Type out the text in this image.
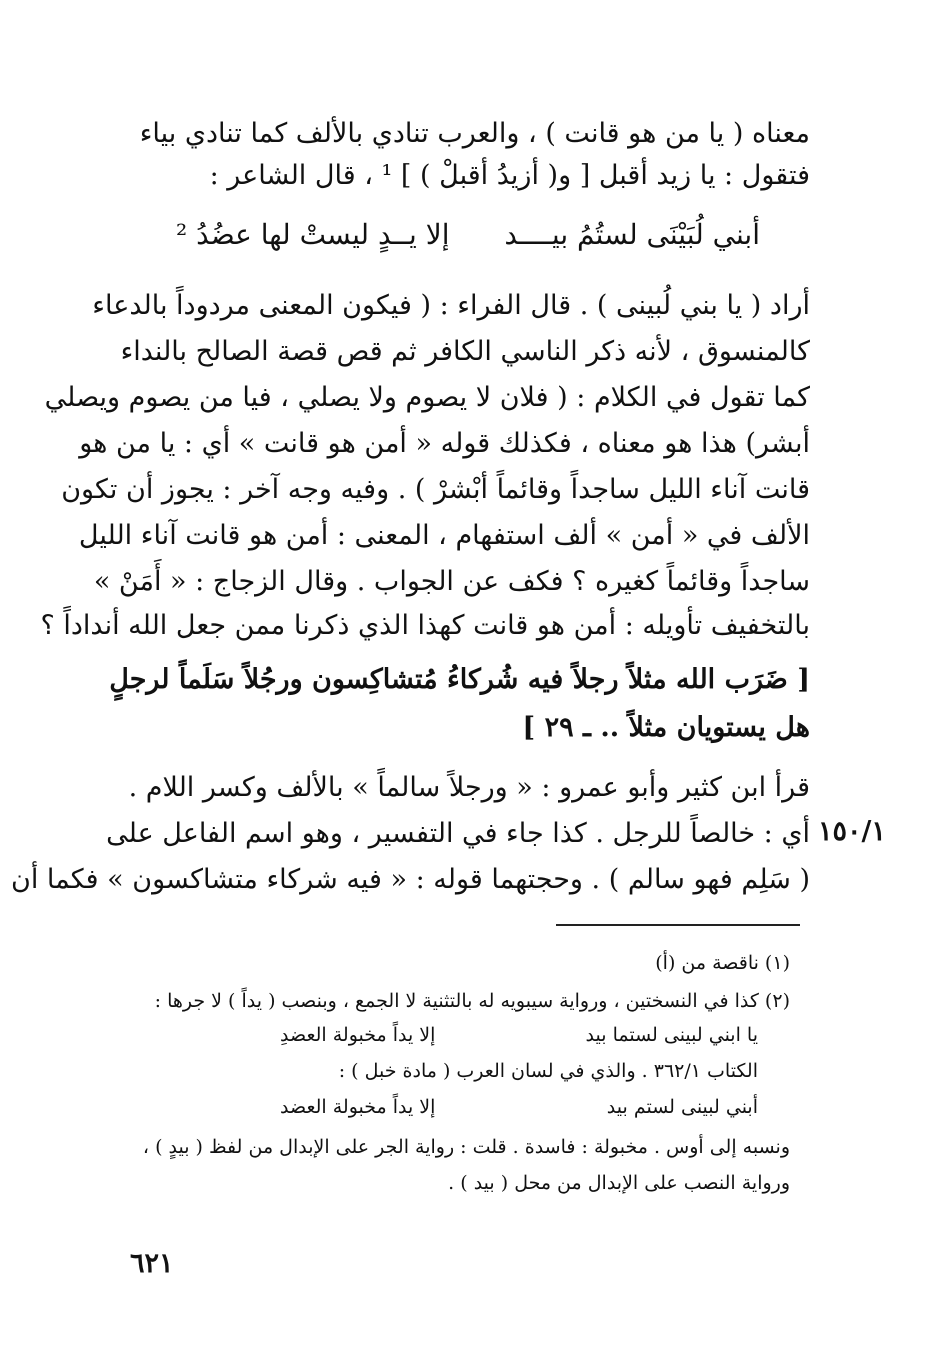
معناه ( يا من هو قانت ) ، والعرب تنادي بالألف كما تنادي بياء
فتقول : يا زيد أقبل [ و( أزيدُ أقبلْ ) ] ¹ ، قال الشاعر :
أبني لُبَيْنَى لستُمُ بيــــد
إلا يــدٍ ليستْ لها عضُدُ ²
أراد ( يا بني لُبينى ) . قال الفراء : ( فيكون المعنى مردوداً بالدعاء
كالمنسوق ، لأنه ذكر الناسي الكافر ثم قص قصة الصالح بالنداء
كما تقول في الكلام : ( فلان لا يصوم ولا يصلي ، فيا من يصوم ويصلي
أبشر) هذا هو معناه ، فكذلك قوله « أمن هو قانت » أي : يا من هو
قانت آناء الليل ساجداً وقائماً أبْشرْ ) . وفيه وجه آخر : يجوز أن تكون
الألف في « أمن » ألف استفهام ، المعنى : أمن هو قانت آناء الليل
ساجداً وقائماً كغيره ؟ فكف عن الجواب . وقال الزجاج : « أَمَنْ »
بالتخفيف تأويله : أمن هو قانت كهذا الذي ذكرنا ممن جعل الله أنداداً ؟
[ ضَرَب الله مثلاً رجلاً فيه شُركاءُ مُتشاكِسون ورجُلاً سَلَماً لرجلٍ
هل يستويان مثلاً .. ـ ٢٩ ]
قرأ ابن كثير وأبو عمرو : « ورجلاً سالماً » بالألف وكسر اللام .
أي : خالصاً للرجل . كذا جاء في التفسير ، وهو اسم الفاعل على
( سَلِم فهو سالم ) . وحجتهما قوله : « فيه شركاء متشاكسون » فكما أن
١٥٠/١
(١) ناقصة من (أ)
(٢) كذا في النسختين ، ورواية سيبويه له بالتثنية لا الجمع ، وبنصب ( يداً ) لا جرها :
يا ابني لبينى لستما بيد
إلا يداً مخبولة العضدِ
الكتاب ٣٦٢/١ . والذي في لسان العرب ( مادة خبل ) :
أبني لبينى لستم بيد
إلا يداً مخبولة العضد
ونسبه إلى أوس . مخبولة : فاسدة . قلت : رواية الجر على الإبدال من لفظ ( بيدٍ ) ،
ورواية النصب على الإبدال من محل ( بيد ) .
٦٢١
